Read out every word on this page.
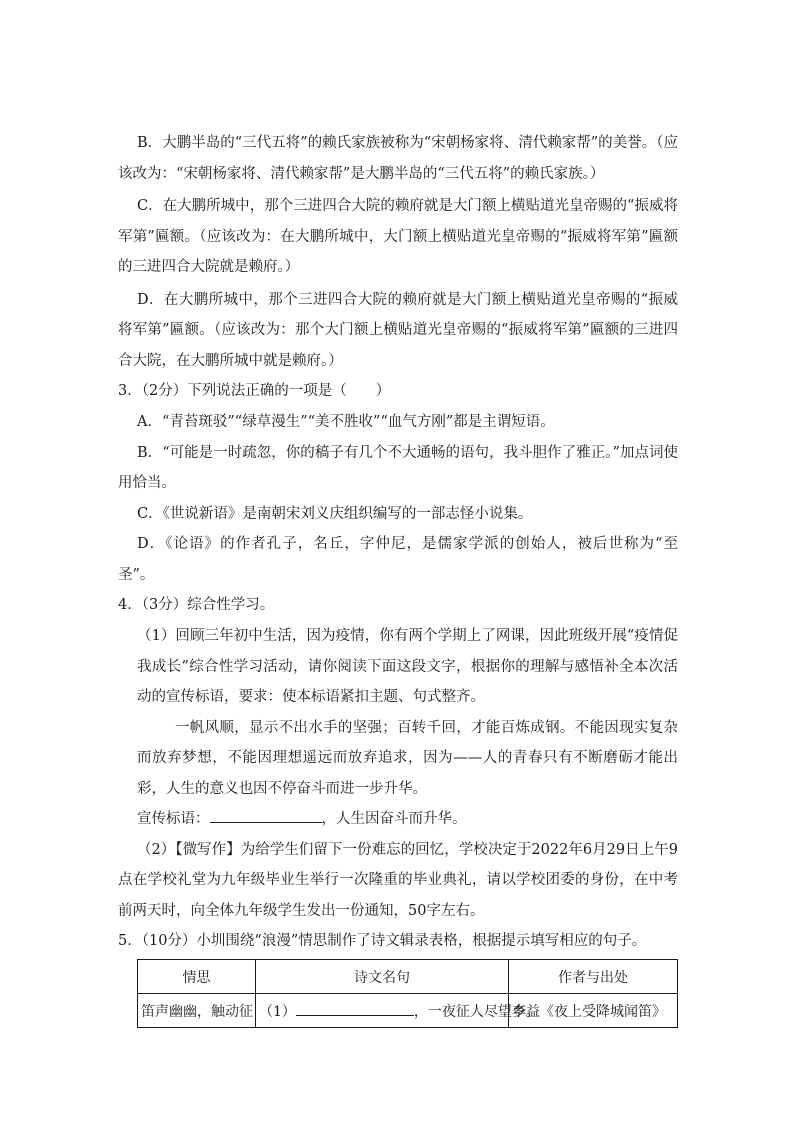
B．大鹏半岛的“三代五将”的赖氏家族被称为“宋朝杨家将、清代赖家帮”的美誉。（应该改为：“宋朝杨家将、清代赖家帮”是大鹏半岛的“三代五将”的赖氏家族。）

C．在大鹏所城中，那个三进四合大院的赖府就是大门额上横贴道光皇帝赐的“振威将军第”匾额。（应该改为：在大鹏所城中，大门额上横贴道光皇帝赐的“振威将军第”匾额的三进四合大院就是赖府。）

D．在大鹏所城中，那个三进四合大院的赖府就是大门额上横贴道光皇帝赐的“振威将军第”匾额。（应该改为：那个大门额上横贴道光皇帝赐的“振威将军第”匾额的三进四合大院，在大鹏所城中就是赖府。）

3．（2分）下列说法正确的一项是（　　）

A．“青苔斑驳”“绿草漫生”“美不胜收”“血气方刚”都是主谓短语。

B．“可能是一时疏忽，你的稿子有几个不大通畅的语句，我斗胆作了雅正。”加点词使用恰当。

C．《世说新语》是南朝宋刘义庆组织编写的一部志怪小说集。

D．《论语》的作者孔子，名丘，字仲尼，是儒家学派的创始人，被后世称为“至圣”。

4．（3分）综合性学习。

（1）回顾三年初中生活，因为疫情，你有两个学期上了网课，因此班级开展“疫情促我成长”综合性学习活动，请你阅读下面这段文字，根据你的理解与感悟补全本次活动的宣传标语，要求：使本标语紧扣主题、句式整齐。

一帆风顺，显示不出水手的坚强；百转千回，才能百炼成钢。不能因现实复杂而放弃梦想，不能因理想遥远而放弃追求，因为——人的青春只有不断磨砺才能出彩，人生的意义也因不停奋斗而进一步升华。

宣传标语：	，人生因奋斗而升华。

（2）【微写作】为给学生们留下一份难忘的回忆，学校决定于2022年6月29日上午9点在学校礼堂为九年级毕业生举行一次隆重的毕业典礼，请以学校团委的身份，在中考前两天时，向全体九年级学生发出一份通知，50字左右。

5．（10分）小圳围绕“浪漫”情思制作了诗文辑录表格，根据提示填写相应的句子。

情思	诗文名句	作者与出处
笛声幽幽，触动征	（1） ，一夜征人尽望乡。	李益《夜上受降城闻笛》
